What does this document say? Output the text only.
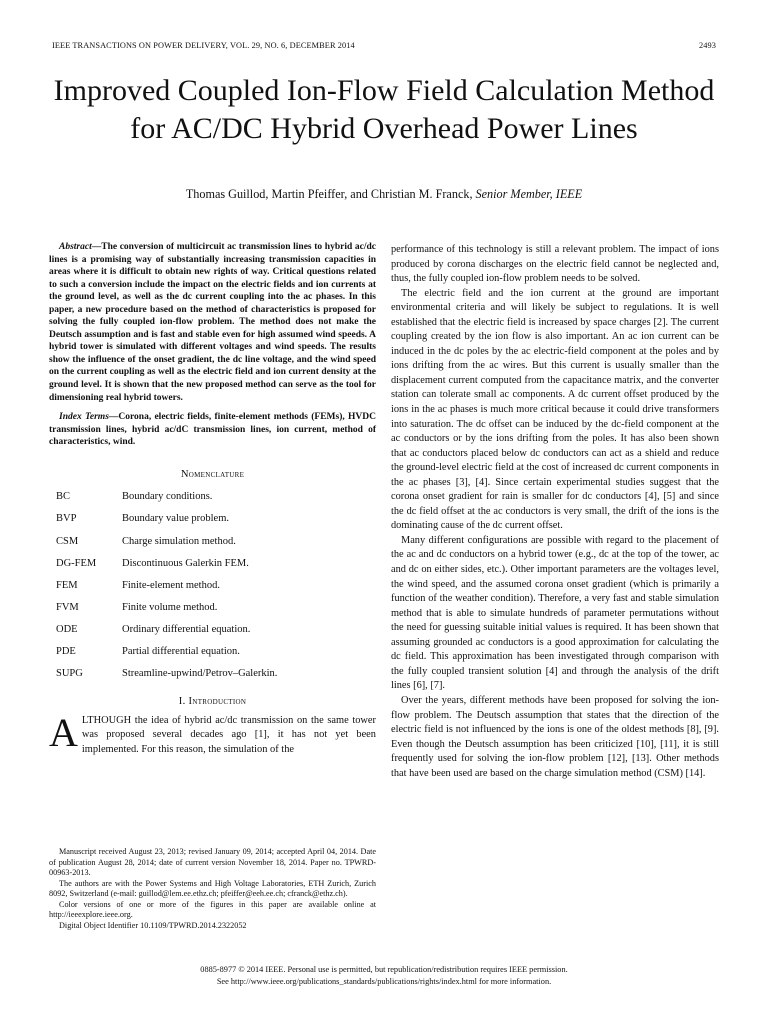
IEEE TRANSACTIONS ON POWER DELIVERY, VOL. 29, NO. 6, DECEMBER 2014	2493
Improved Coupled Ion-Flow Field Calculation Method for AC/DC Hybrid Overhead Power Lines
Thomas Guillod, Martin Pfeiffer, and Christian M. Franck, Senior Member, IEEE

Abstract—The conversion of multicircuit ac transmission lines to hybrid ac/dc lines is a promising way of substantially increasing transmission capacities in areas where it is difficult to obtain new rights of way. Critical questions related to such a conversion include the impact on the electric fields and ion currents at the ground level, as well as the dc current coupling into the ac phases. In this paper, a new procedure based on the method of characteristics is proposed for solving the fully coupled ion-flow problem. The method does not make the Deutsch assumption and is fast and stable even for high assumed wind speeds. A hybrid tower is simulated with different voltages and wind speeds. The results show the influence of the onset gradient, the dc line voltage, and the wind speed on the current coupling as well as the electric field and ion current density at the ground level. It is shown that the new proposed method can serve as the tool for dimensioning real hybrid towers.

Index Terms—Corona, electric fields, finite-element methods (FEMs), HVDC transmission lines, hybrid ac/dC transmission lines, ion current, method of characteristics, wind.

Nomenclature

BC	Boundary conditions.
BVP	Boundary value problem.
CSM	Charge simulation method.
DG-FEM	Discontinuous Galerkin FEM.
FEM	Finite-element method.
FVM	Finite volume method.
ODE	Ordinary differential equation.
PDE	Partial differential equation.
SUPG	Streamline-upwind/Petrov–Galerkin.

I. Introduction

ALTHOUGH the idea of hybrid ac/dc transmission on the same tower was proposed several decades ago [1], it has not yet been implemented. For this reason, the simulation of the

Manuscript received August 23, 2013; revised January 09, 2014; accepted April 04, 2014. Date of publication August 28, 2014; date of current version November 18, 2014. Paper no. TPWRD-00963-2013.

The authors are with the Power Systems and High Voltage Laboratories, ETH Zurich, Zurich 8092, Switzerland (e-mail: guillod@lem.ee.ethz.ch; pfeiffer@eeh.ee.ch; cfranck@ethz.ch).

Color versions of one or more of the figures in this paper are available online at http://ieeexplore.ieee.org.

Digital Object Identifier 10.1109/TPWRD.2014.2322052

performance of this technology is still a relevant problem. The impact of ions produced by corona discharges on the electric field cannot be neglected and, thus, the fully coupled ion-flow problem needs to be solved.

The electric field and the ion current at the ground are important environmental criteria and will likely be subject to regulations. It is well established that the electric field is increased by space charges [2]. The current coupling created by the ion flow is also important. An ac ion current can be induced in the dc poles by the ac electric-field component at the poles and by ions drifting from the ac wires. But this current is usually smaller than the displacement current computed from the capacitance matrix, and the converter station can tolerate small ac components. A dc current offset produced by the ions in the ac phases is much more critical because it could drive transformers into saturation. The dc offset can be induced by the dc-field component at the ac conductors or by the ions drifting from the poles. It has also been shown that ac conductors placed below dc conductors can act as a shield and reduce the ground-level electric field at the cost of increased dc current components in the ac phases [3], [4]. Since certain experimental studies suggest that the corona onset gradient for rain is smaller for dc conductors [4], [5] and since the dc field offset at the ac conductors is very small, the drift of the ions is the dominating cause of the dc current offset.

Many different configurations are possible with regard to the placement of the ac and dc conductors on a hybrid tower (e.g., dc at the top of the tower, ac and dc on either sides, etc.). Other important parameters are the voltages level, the wind speed, and the assumed corona onset gradient (which is primarily a function of the weather condition). Therefore, a very fast and stable simulation method that is able to simulate hundreds of parameter permutations without the need for guessing suitable initial values is required. It has been shown that assuming grounded ac conductors is a good approximation for calculating the dc field. This approximation has been investigated through comparison with the fully coupled transient solution [4] and through the analysis of the drift lines [6], [7].

Over the years, different methods have been proposed for solving the ion-flow problem. The Deutsch assumption that states that the direction of the electric field is not influenced by the ions is one of the oldest methods [8], [9]. Even though the Deutsch assumption has been criticized [10], [11], it is still frequently used for solving the ion-flow problem [12], [13]. Other methods that have been used are based on the charge simulation method (CSM) [14].

0885-8977 © 2014 IEEE. Personal use is permitted, but republication/redistribution requires IEEE permission.
See http://www.ieee.org/publications_standards/publications/rights/index.html for more information.
